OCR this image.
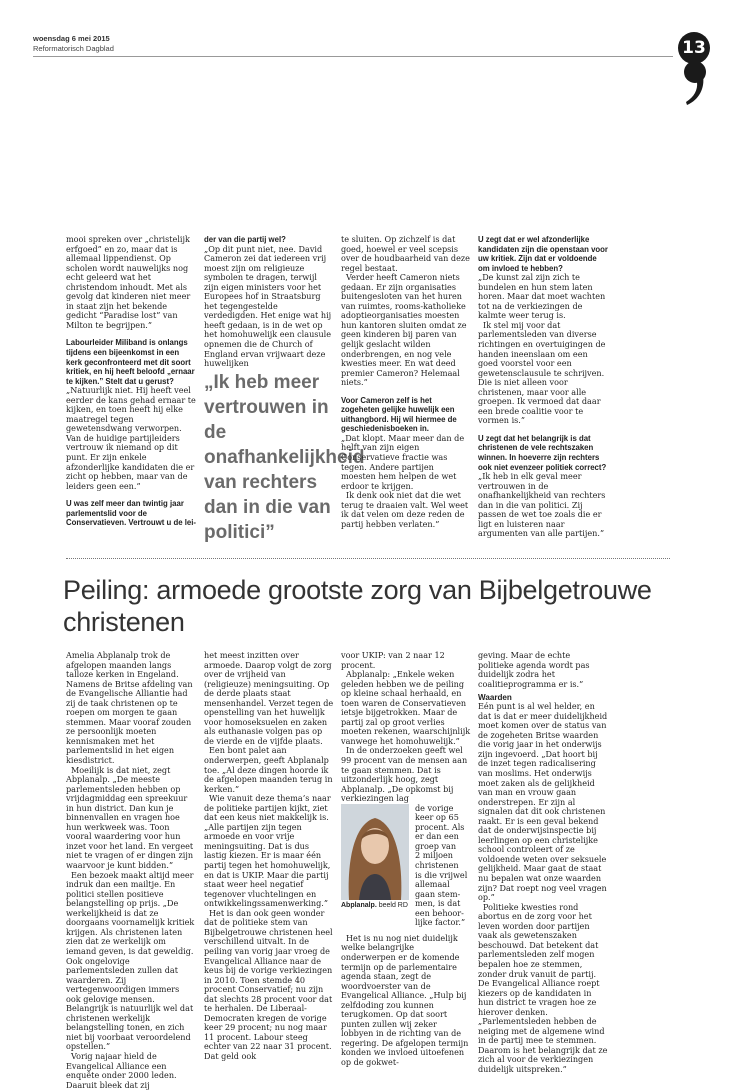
woensdag 6 mei 2015
Reformatorisch Dagblad	13

mooi spreken over „christelijk erfgoed” en zo, maar dat is allemaal lippendienst. Op scholen wordt nauwelijks nog echt geleerd wat het christendom inhoudt. Met als gevolg dat kinderen niet meer in staat zijn het bekende gedicht “Paradise lost” van Milton te begrijpen.”

Labourleider Miliband is onlangs tijdens een bijeenkomst in een kerk geconfronteerd met dit soort kritiek, en hij heeft beloofd „ernaar te kijken.” Stelt dat u gerust?

„Natuurlijk niet. Hij heeft veel eerder de kans gehad ernaar te kijken, en toen heeft hij elke maatregel tegen gewetensdwang verworpen. Van de huidige partijleiders vertrouw ik niemand op dit punt. Er zijn enkele afzonderlijke kandidaten die er zicht op hebben, maar van de leiders geen een.”

U was zelf meer dan twintig jaar parlementslid voor de Conservatieven. Vertrouwt u de lei-

der van die partij wel?

„Op dit punt niet, nee. David Cameron zei dat iedereen vrij moest zijn om religieuze symbolen te dragen, terwijl zijn eigen ministers voor het Europees hof in Straatsburg het tegengestelde verdedigden. Het enige wat hij heeft gedaan, is in de wet op het homohuwelijk een clausule opnemen die de Church of England ervan vrijwaart deze huwelijken

„Ik heb meer vertrouwen in de onafhankelijkheid van rechters dan in die van politici”

te sluiten. Op zichzelf is dat goed, hoewel er veel scepsis over de houdbaarheid van deze regel bestaat.

Verder heeft Cameron niets gedaan. Er zijn organisaties buitengesloten van het huren van ruimtes, rooms-katholieke adoptieorganisaties moesten hun kantoren sluiten omdat ze geen kinderen bij paren van gelijk geslacht wilden onderbrengen, en nog vele kwesties meer. En wat deed premier Cameron? Helemaal niets.”

Voor Cameron zelf is het zogeheten gelijke huwelijk een uithangbord. Hij wil hiermee de geschiedenisboeken in.

„Dat klopt. Maar meer dan de helft van zijn eigen Conservatieve fractie was tegen. Andere partijen moesten hem helpen de wet erdoor te krijgen.

Ik denk ook niet dat die wet terug te draaien valt. Wel weet ik dat velen om deze reden de partij hebben verlaten.”

U zegt dat er wel afzonderlijke kandidaten zijn die openstaan voor uw kritiek. Zijn dat er voldoende om invloed te hebben?

„De kunst zal zijn zich te bundelen en hun stem laten horen. Maar dat moet wachten tot na de verkiezingen de kalmte weer terug is.

Ik stel mij voor dat parlementsleden van diverse richtingen en overtuigingen de handen ineenslaan om een goed voorstel voor een gewetensclausule te schrijven. Die is niet alleen voor christenen, maar voor alle groepen. Ik vermoed dat daar een brede coalitie voor te vormen is.”

U zegt dat het belangrijk is dat christenen de vele rechtszaken winnen. In hoeverre zijn rechters ook niet evenzeer politiek correct?

„Ik heb in elk geval meer vertrouwen in de onafhankelijkheid van rechters dan in die van politici. Zij passen de wet toe zoals die er ligt en luisteren naar argumenten van alle partijen.”

Peiling: armoede grootste zorg van Bijbelgetrouwe christenen

Amelia Abplanalp trok de afgelopen maanden langs talloze kerken in Engeland. Namens de Britse afdeling van de Evangelische Alliantie had zij de taak christenen op te roepen om morgen te gaan stemmen. Maar vooraf zouden ze persoonlijk moeten kennismaken met het parlementslid in het eigen kiesdistrict.

Moeilijk is dat niet, zegt Abplanalp. „De meeste parlementsleden hebben op vrijdagmiddag een spreekuur in hun district. Dan kun je binnenvallen en vragen hoe hun werkweek was. Toon vooral waardering voor hun inzet voor het land. En vergeet niet te vragen of er dingen zijn waarvoor je kunt bidden.”

Een bezoek maakt altijd meer indruk dan een mailtje. En politici stellen positieve belangstelling op prijs. „De werkelijkheid is dat ze doorgaans voornamelijk kritiek krijgen. Als christenen laten zien dat ze werkelijk om iemand geven, is dat geweldig. Ook ongelovige parlementsleden zullen dat waarderen. Zij vertegenwoordigen immers ook gelovige mensen. Belangrijk is natuurlijk wel dat christenen werkelijk belangstelling tonen, en zich niet bij voorbaat veroordelend opstellen.”

Vorig najaar hield de Evangelical Alliance een enquête onder 2000 leden. Daaruit bleek dat zij

het meest inzitten over armoede. Daarop volgt de zorg over de vrijheid van (religieuze) meningsuiting. Op de derde plaats staat mensenhandel. Verzet tegen de openstelling van het huwelijk voor homoseksuelen en zaken als euthanasie volgen pas op de vierde en de vijfde plaats.

Een bont palet aan onderwerpen, geeft Abplanalp toe. „Al deze dingen hoorde ik de afgelopen maanden terug in kerken.”

Wie vanuit deze thema’s naar de politieke partijen kijkt, ziet dat een keus niet makkelijk is. „Alle partijen zijn tegen armoede en voor vrije meningsuiting. Dat is dus lastig kiezen. Er is maar één partij tegen het homohuwelijk, en dat is UKIP. Maar die partij staat weer heel negatief tegenover vluchtelingen en ontwikkelingssamenwerking.”

Het is dan ook geen wonder dat de politieke stem van Bijbelgetrouwe christenen heel verschillend uitvalt. In de peiling van vorig jaar vroeg de Evangelical Alliance naar de keus bij de vorige verkiezingen in 2010. Toen stemde 40 procent Conservatief; nu zijn dat slechts 28 procent voor dat te herhalen. De Liberaal-Democraten kregen de vorige keer 29 procent; nu nog maar 11 procent. Labour steeg echter van 22 naar 31 procent. Dat geld ook

voor UKIP: van 2 naar 12 procent.

Abplanalp: „Enkele weken geleden hebben we de peiling op kleine schaal herhaald, en toen waren de Conservatieven ietsje bijgetrokken. Maar de partij zal op groot verlies moeten rekenen, waarschijnlijk vanwege het homohuwelijk.”

In de onderzoeken geeft wel 99 procent van de mensen aan te gaan stemmen. Dat is uitzonderlijk hoog, zegt Abplanalp. „De opkomst bij verkiezingen lag

de vorige
keer op 65
procent. Als
er dan een
groep van
2 miljoen
christenen
is die vrijwel
allemaal
gaan stem-
men, is dat
een behoor-
lijke factor.”

Het is nu nog niet duidelijk welke belangrijke onderwerpen er de komende termijn op de parlementaire agenda staan, zegt de woordvoerster van de Evangelical Alliance. „Hulp bij zelfdoding zou kunnen terugkomen. Op dat soort punten zullen wij zeker lobbyen in de richting van de regering. De afgelopen termijn konden we invloed uitoefenen op de gokwet-

Abplanalp. beeld RD

geving. Maar de echte politieke agenda wordt pas duidelijk zodra het coalitieprogramma er is.”

Waarden

Eén punt is al wel helder, en dat is dat er meer duidelijkheid moet komen over de status van de zogeheten Britse waarden die vorig jaar in het onderwijs zijn ingevoerd. „Dat hoort bij de inzet tegen radicalisering van moslims. Het onderwijs moet zaken als de gelijkheid van man en vrouw gaan onderstrepen. Er zijn al signalen dat dit ook christenen raakt. Er is een geval bekend dat de onderwijsinspectie bij leerlingen op een christelijke school controleert of ze voldoende weten over seksuele gelijkheid. Maar gaat de staat nu bepalen wat onze waarden zijn? Dat roept nog veel vragen op.”

Politieke kwesties rond abortus en de zorg voor het leven worden door partijen vaak als gewetenszaken beschouwd. Dat betekent dat parlementsleden zelf mogen bepalen hoe ze stemmen, zonder druk vanuit de partij. De Evangelical Alliance roept kiezers op de kandidaten in hun district te vragen hoe ze hierover denken. „Parlementsleden hebben de neiging met de algemene wind in de partij mee te stemmen. Daarom is het belangrijk dat ze zich al voor de verkiezingen duidelijk uitspreken.”
